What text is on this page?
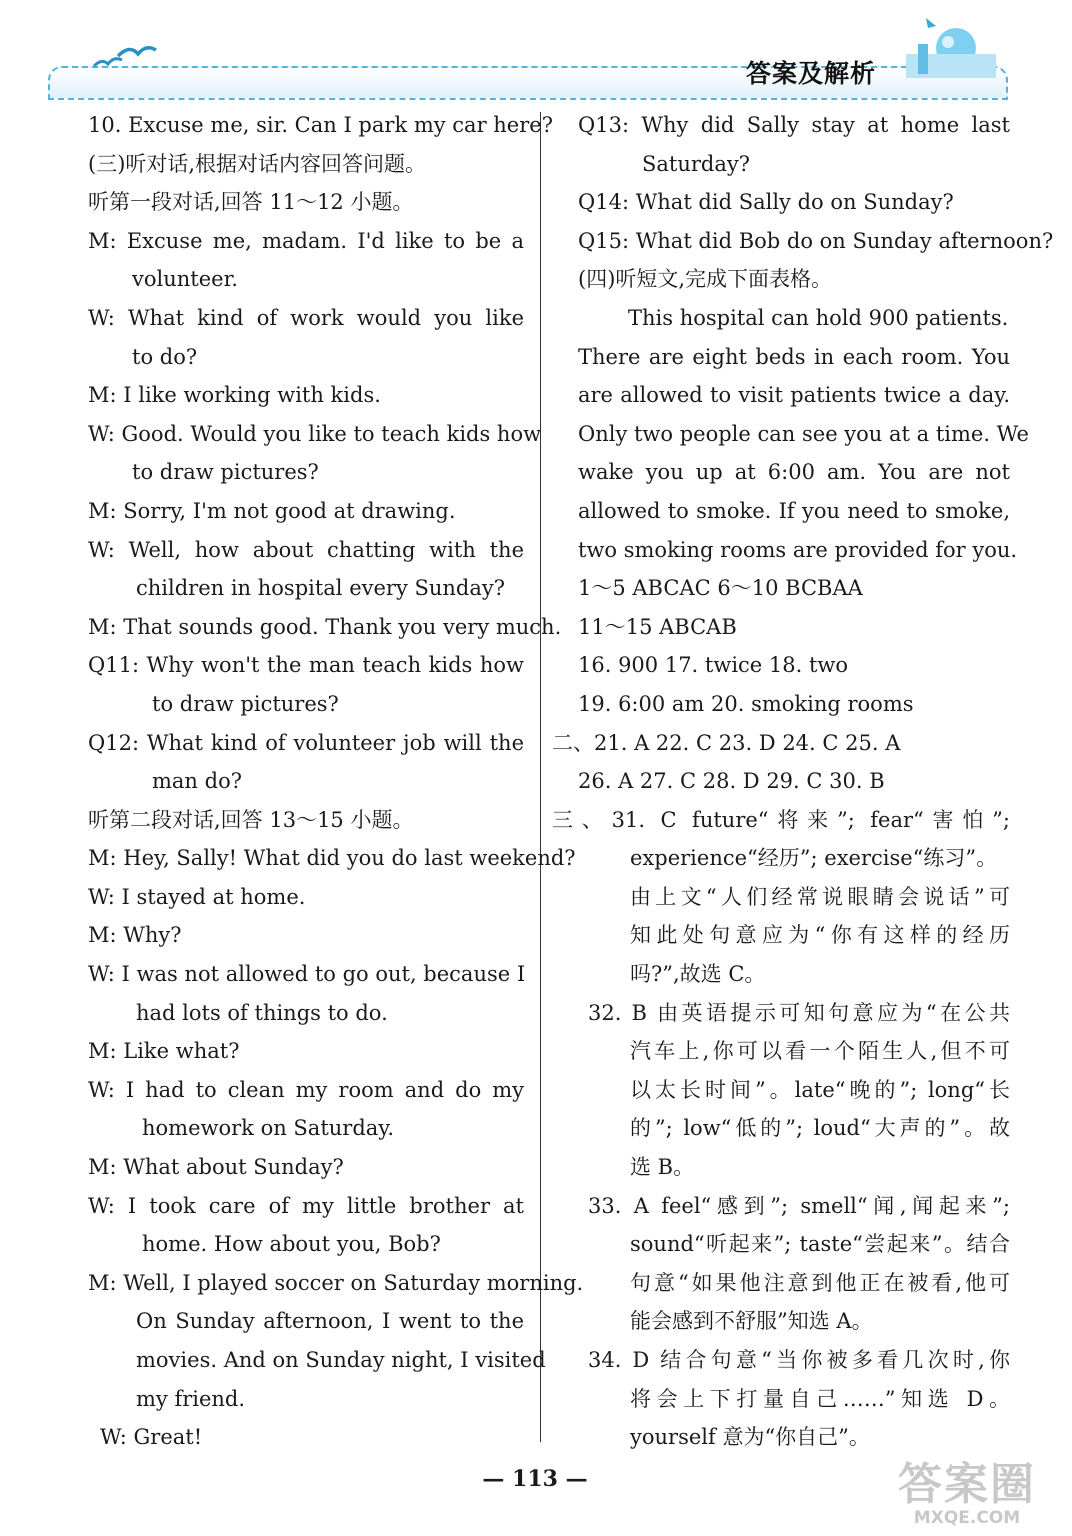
答案及解析
10. Excuse me, sir. Can I park my car here?
(三)听对话,根据对话内容回答问题。
听第一段对话,回答 11～12 小题。
M: Excuse me, madam. I'd like to be a
volunteer.
W: What kind of work would you like
to do?
M: I like working with kids.
W: Good. Would you like to teach kids how
to draw pictures?
M: Sorry, I'm not good at drawing.
W: Well, how about chatting with the
children in hospital every Sunday?
M: That sounds good. Thank you very much.
Q11: Why won't the man teach kids how
to draw pictures?
Q12: What kind of volunteer job will the
man do?
听第二段对话,回答 13～15 小题。
M: Hey, Sally! What did you do last weekend?
W: I stayed at home.
M: Why?
W: I was not allowed to go out, because I
had lots of things to do.
M: Like what?
W: I had to clean my room and do my
homework on Saturday.
M: What about Sunday?
W: I took care of my little brother at
home. How about you, Bob?
M: Well, I played soccer on Saturday morning.
On Sunday afternoon, I went to the
movies. And on Sunday night, I visited
my friend.
W: Great!
Q13: Why did Sally stay at home last
Saturday?
Q14: What did Sally do on Sunday?
Q15: What did Bob do on Sunday afternoon?
(四)听短文,完成下面表格。
This hospital can hold 900 patients.
There are eight beds in each room. You
are allowed to visit patients twice a day.
Only two people can see you at a time. We
wake you up at 6:00 am. You are not
allowed to smoke. If you need to smoke,
two smoking rooms are provided for you.
1～5 ABCAC 6～10 BCBAA
11～15 ABCAB
16. 900 17. twice 18. two
19. 6:00 am 20. smoking rooms
二、21. A 22. C 23. D 24. C 25. A
26. A 27. C 28. D 29. C 30. B
三、31. C future“将来”; fear“害怕”;
experience“经历”; exercise“练习”。
由上文“人们经常说眼睛会说话”可
知此处句意应为“你有这样的经历
吗?”,故选 C。
32. B 由英语提示可知句意应为“在公共
汽车上,你可以看一个陌生人,但不可
以太长时间”。late“晚的”; long“长
的”; low“低的”; loud“大声的”。故
选 B。
33. A feel“感到”; smell“闻,闻起来”;
sound“听起来”; taste“尝起来”。结合
句意“如果他注意到他正在被看,他可
能会感到不舒服”知选 A。
34. D 结合句意“当你被多看几次时,你
将会上下打量自己……”知选 D。
yourself 意为“你自己”。
— 113 —	答案圈
MXQE.COM
